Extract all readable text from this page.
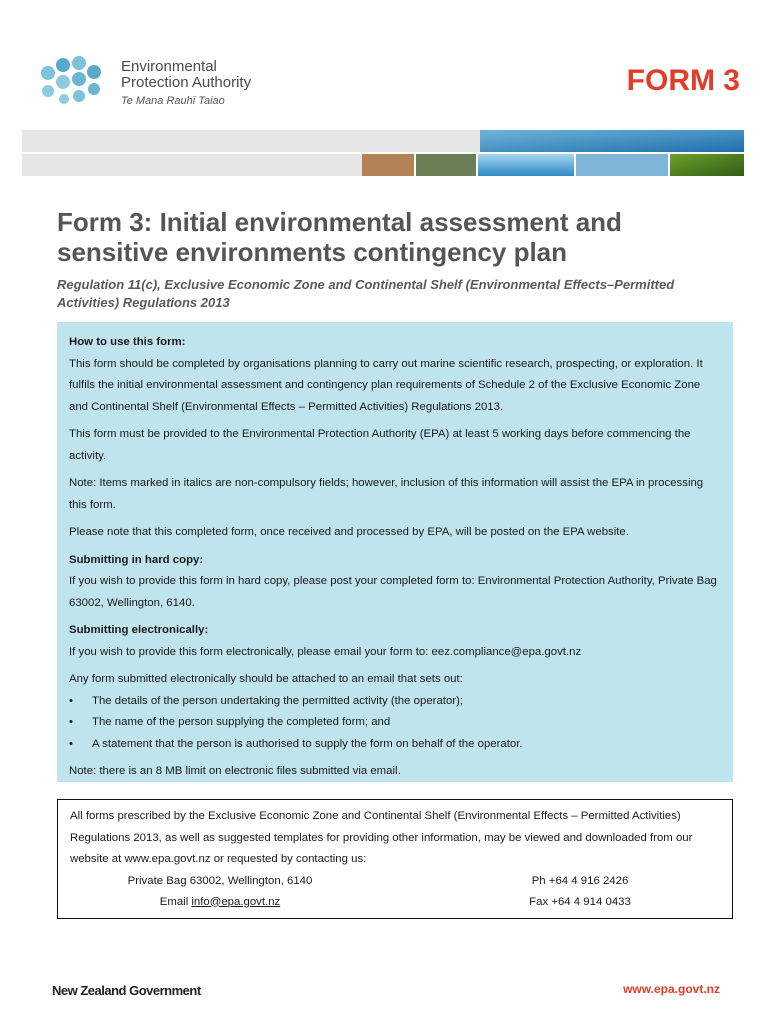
Environmental
Protection Authority
Te Mana Rauhī Taiao
FORM 3
Form 3: Initial environmental assessment and sensitive environments contingency plan

Regulation 11(c), Exclusive Economic Zone and Continental Shelf (Environmental Effects–Permitted Activities) Regulations 2013

How to use this form:

This form should be completed by organisations planning to carry out marine scientific research, prospecting, or exploration. It fulfils the initial environmental assessment and contingency plan requirements of Schedule 2 of the Exclusive Economic Zone and Continental Shelf (Environmental Effects – Permitted Activities) Regulations 2013.

This form must be provided to the Environmental Protection Authority (EPA) at least 5 working days before commencing the activity.

Note: Items marked in italics are non-compulsory fields; however, inclusion of this information will assist the EPA in processing this form.

Please note that this completed form, once received and processed by EPA, will be posted on the EPA website.

Submitting in hard copy:

If you wish to provide this form in hard copy, please post your completed form to: Environmental Protection Authority, Private Bag 63002, Wellington, 6140.

Submitting electronically:

If you wish to provide this form electronically, please email your form to: eez.compliance@epa.govt.nz

Any form submitted electronically should be attached to an email that sets out:

• The details of the person undertaking the permitted activity (the operator);
• The name of the person supplying the completed form; and
• A statement that the person is authorised to supply the form on behalf of the operator.

Note: there is an 8 MB limit on electronic files submitted via email.

All forms prescribed by the Exclusive Economic Zone and Continental Shelf (Environmental Effects – Permitted Activities) Regulations 2013, as well as suggested templates for providing other information, may be viewed and downloaded from our website at www.epa.govt.nz or requested by contacting us:
Private Bag 63002, Wellington, 6140	Ph +64 4 916 2426
Email info@epa.govt.nz	Fax +64 4 914 0433
New Zealand Government	www.epa.govt.nz
